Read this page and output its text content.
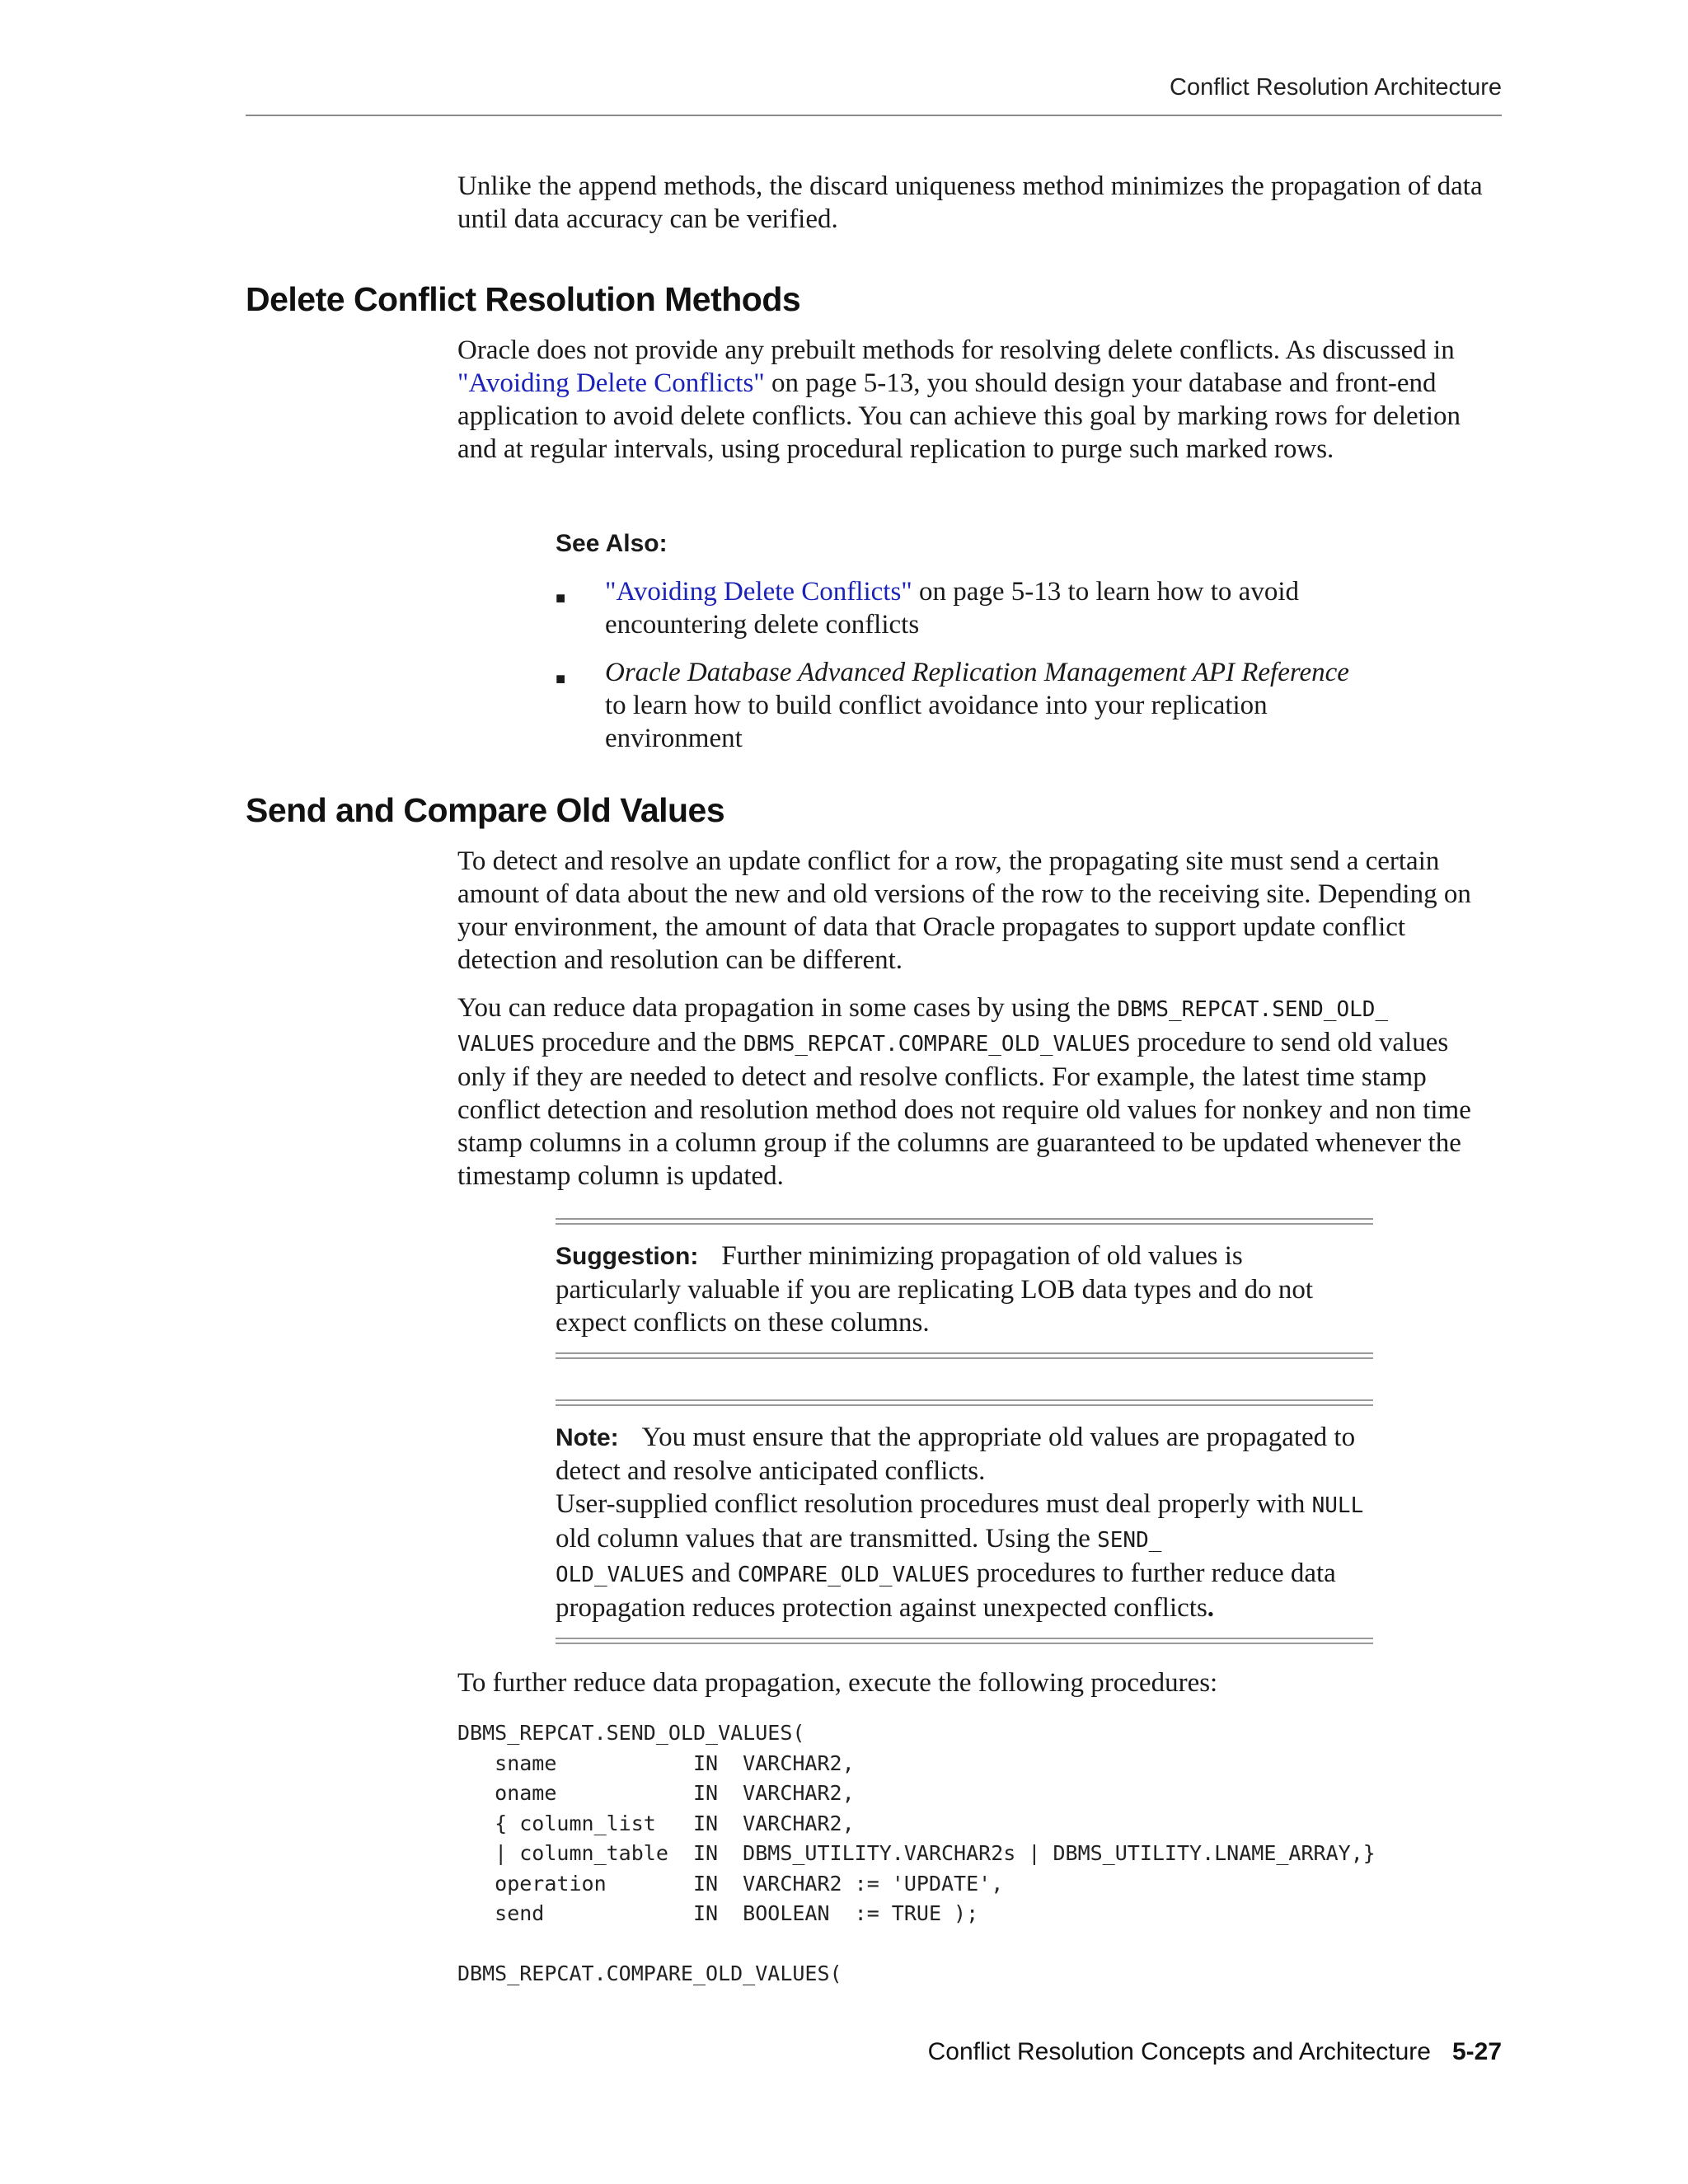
Conflict Resolution Architecture

Unlike the append methods, the discard uniqueness method minimizes the propagation of data until data accuracy can be verified.

Delete Conflict Resolution Methods

Oracle does not provide any prebuilt methods for resolving delete conflicts. As discussed in "Avoiding Delete Conflicts" on page 5-13, you should design your database and front-end application to avoid delete conflicts. You can achieve this goal by marking rows for deletion and at regular intervals, using procedural replication to purge such marked rows.

See Also:
■ "Avoiding Delete Conflicts" on page 5-13 to learn how to avoid encountering delete conflicts
■ Oracle Database Advanced Replication Management API Reference
to learn how to build conflict avoidance into your replication environment
Send and Compare Old Values

To detect and resolve an update conflict for a row, the propagating site must send a certain amount of data about the new and old versions of the row to the receiving site. Depending on your environment, the amount of data that Oracle propagates to support update conflict detection and resolution can be different.

You can reduce data propagation in some cases by using the DBMS_REPCAT.SEND_OLD_
VALUES procedure and the DBMS_REPCAT.COMPARE_OLD_VALUES procedure to send old values only if they are needed to detect and resolve conflicts. For example, the latest time stamp conflict detection and resolution method does not require old values for nonkey and non time stamp columns in a column group if the columns are guaranteed to be updated whenever the timestamp column is updated.

Suggestion: Further minimizing propagation of old values is particularly valuable if you are replicating LOB data types and do not expect conflicts on these columns.
Note: You must ensure that the appropriate old values are propagated to detect and resolve anticipated conflicts.
User-supplied conflict resolution procedures must deal properly with NULL old column values that are transmitted. Using the SEND_
OLD_VALUES and COMPARE_OLD_VALUES procedures to further reduce data propagation reduces protection against unexpected conflicts.

To further reduce data propagation, execute the following procedures:

DBMS_REPCAT.SEND_OLD_VALUES(
sname           IN  VARCHAR2,
oname           IN  VARCHAR2,
{ column_list   IN  VARCHAR2,
| column_table  IN  DBMS_UTILITY.VARCHAR2s | DBMS_UTILITY.LNAME_ARRAY,}
operation       IN  VARCHAR2 := 'UPDATE',
send            IN  BOOLEAN  := TRUE );
DBMS_REPCAT.COMPARE_OLD_VALUES(
Conflict Resolution Concepts and Architecture 5-27
